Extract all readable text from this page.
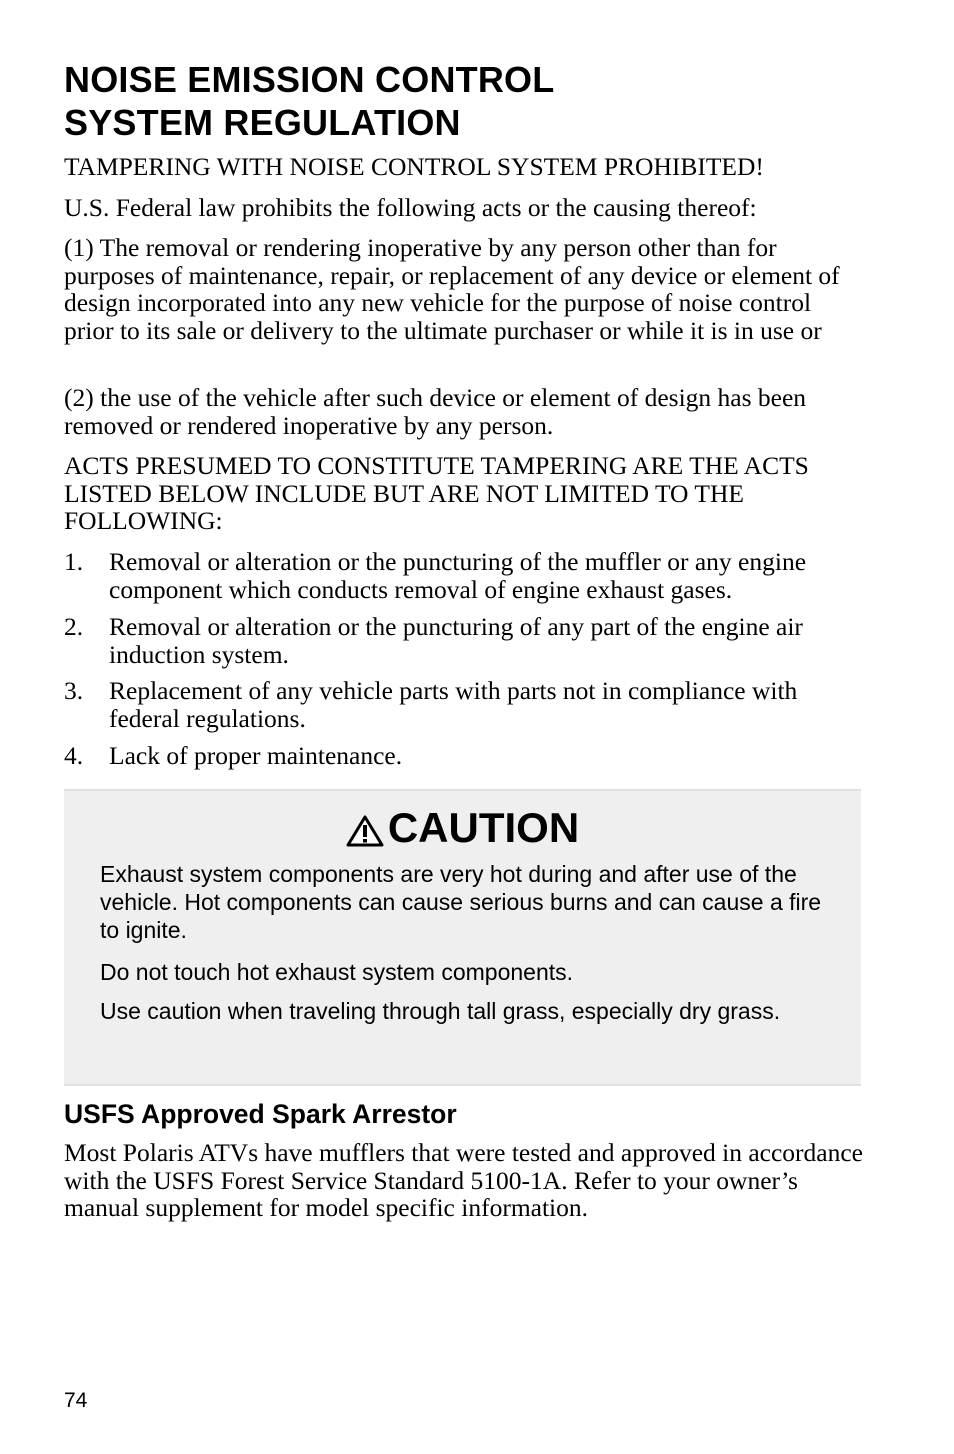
NOISE EMISSION CONTROL
SYSTEM REGULATION

TAMPERING WITH NOISE CONTROL SYSTEM PROHIBITED!

U.S. Federal law prohibits the following acts or the causing thereof:

(1) The removal or rendering inoperative by any person other than for purposes of maintenance, repair, or replacement of any device or element of design incorporated into any new vehicle for the purpose of noise control prior to its sale or delivery to the ultimate purchaser or while it is in use or

(2) the use of the vehicle after such device or element of design has been removed or rendered inoperative by any person.

ACTS PRESUMED TO CONSTITUTE TAMPERING ARE THE ACTS LISTED BELOW INCLUDE BUT ARE NOT LIMITED TO THE FOLLOWING:

1. Removal or alteration or the puncturing of the muffler or any engine component which conducts removal of engine exhaust gases.

2. Removal or alteration or the puncturing of any part of the engine air induction system.

3. Replacement of any vehicle parts with parts not in compliance with federal regulations.

4. Lack of proper maintenance.

CAUTION

Exhaust system components are very hot during and after use of the vehicle. Hot components can cause serious burns and can cause a fire to ignite.

Do not touch hot exhaust system components.

Use caution when traveling through tall grass, especially dry grass.

USFS Approved Spark Arrestor

Most Polaris ATVs have mufflers that were tested and approved in accordance with the USFS Forest Service Standard 5100-1A. Refer to your owner’s manual supplement for model specific information.

74
